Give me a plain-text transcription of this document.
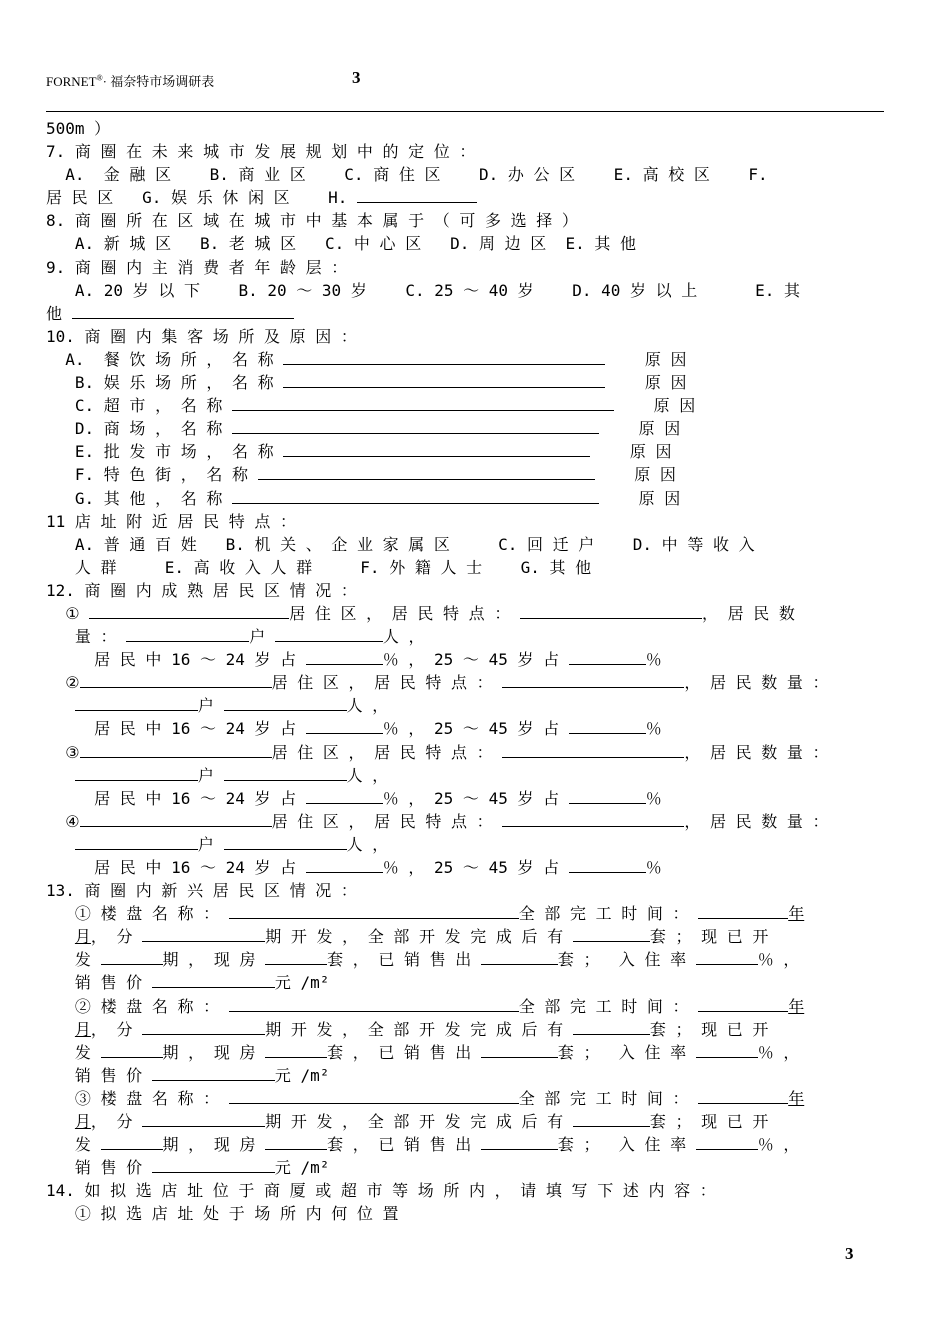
FORNET®· 福奈特市场调研表	3
500m ）
7. 商 圈 在 未 来 城 市 发 展 规 划 中 的 定 位 ：
A.  金 融 区    B. 商 业 区    C. 商 住 区    D. 办 公 区    E. 高 校 区    F.
居 民 区   G. 娱 乐 休 闲 区    H.
8. 商 圈 所 在 区 域 在 城 市 中 基 本 属 于 （ 可 多 选 择 ）
A. 新 城 区   B. 老 城 区   C. 中 心 区   D. 周 边 区  E. 其 他
9. 商 圈 内 主 消 费 者 年 龄 层 ：
A. 20 岁 以 下    B. 20 ～ 30 岁    C. 25 ～ 40 岁    D. 40 岁 以 上      E. 其
他
10. 商 圈 内 集 客 场 所 及 原 因 ：
A.  餐 饮 场 所 ， 名 称	原 因
B. 娱 乐 场 所 ， 名 称	原 因
C. 超 市 ， 名 称	原 因
D. 商 场 ， 名 称	原 因
E. 批 发 市 场 ， 名 称	原 因
F. 特 色 街 ， 名 称	原 因
G. 其 他 ， 名 称	原 因
11 店 址 附 近 居 民 特 点 ：
A. 普 通 百 姓   B. 机 关 、 企 业 家 属 区     C. 回 迁 户    D. 中 等 收 入
人 群     E. 高 收 入 人 群     F. 外 籍 人 士    G. 其 他
12. 商 圈 内 成 熟 居 民 区 情 况 ：
①	居 住 区 ， 居 民 特 点 ：	， 居 民 数
量 ：	户	人 ，
居 民 中 16 ～ 24 岁 占	％ ， 25 ～ 45 岁 占	％
②	居 住 区 ， 居 民 特 点 ：	， 居 民 数 量 ：
户	人 ，
居 民 中 16 ～ 24 岁 占	％ ， 25 ～ 45 岁 占	％
③	居 住 区 ， 居 民 特 点 ：	， 居 民 数 量 ：
户	人 ，
居 民 中 16 ～ 24 岁 占	％ ， 25 ～ 45 岁 占	％
④	居 住 区 ， 居 民 特 点 ：	， 居 民 数 量 ：
户	人 ，
居 民 中 16 ～ 24 岁 占	％ ， 25 ～ 45 岁 占	％
13. 商 圈 内 新 兴 居 民 区 情 况 ：
① 楼 盘 名 称 ：	全 部 完 工 时 间 ：	年
月， 分	期 开 发 ， 全 部 开 发 完 成 后 有	套 ； 现 已 开
发	期 ， 现 房	套 ， 已 销 售 出	套 ；  入 住 率	％ ，
销 售 价	元 /m²
② 楼 盘 名 称 ：	全 部 完 工 时 间 ：	年
月， 分	期 开 发 ， 全 部 开 发 完 成 后 有	套 ； 现 已 开
发	期 ， 现 房	套 ， 已 销 售 出	套 ；  入 住 率	％ ，
销 售 价	元 /m²
③ 楼 盘 名 称 ：	全 部 完 工 时 间 ：	年
月， 分	期 开 发 ， 全 部 开 发 完 成 后 有	套 ； 现 已 开
发	期 ， 现 房	套 ， 已 销 售 出	套 ；  入 住 率	％ ，
销 售 价	元 /m²
14. 如 拟 选 店 址 位 于 商 厦 或 超 市 等 场 所 内 ， 请 填 写 下 述 内 容 ：
① 拟 选 店 址 处 于 场 所 内 何 位 置
3
